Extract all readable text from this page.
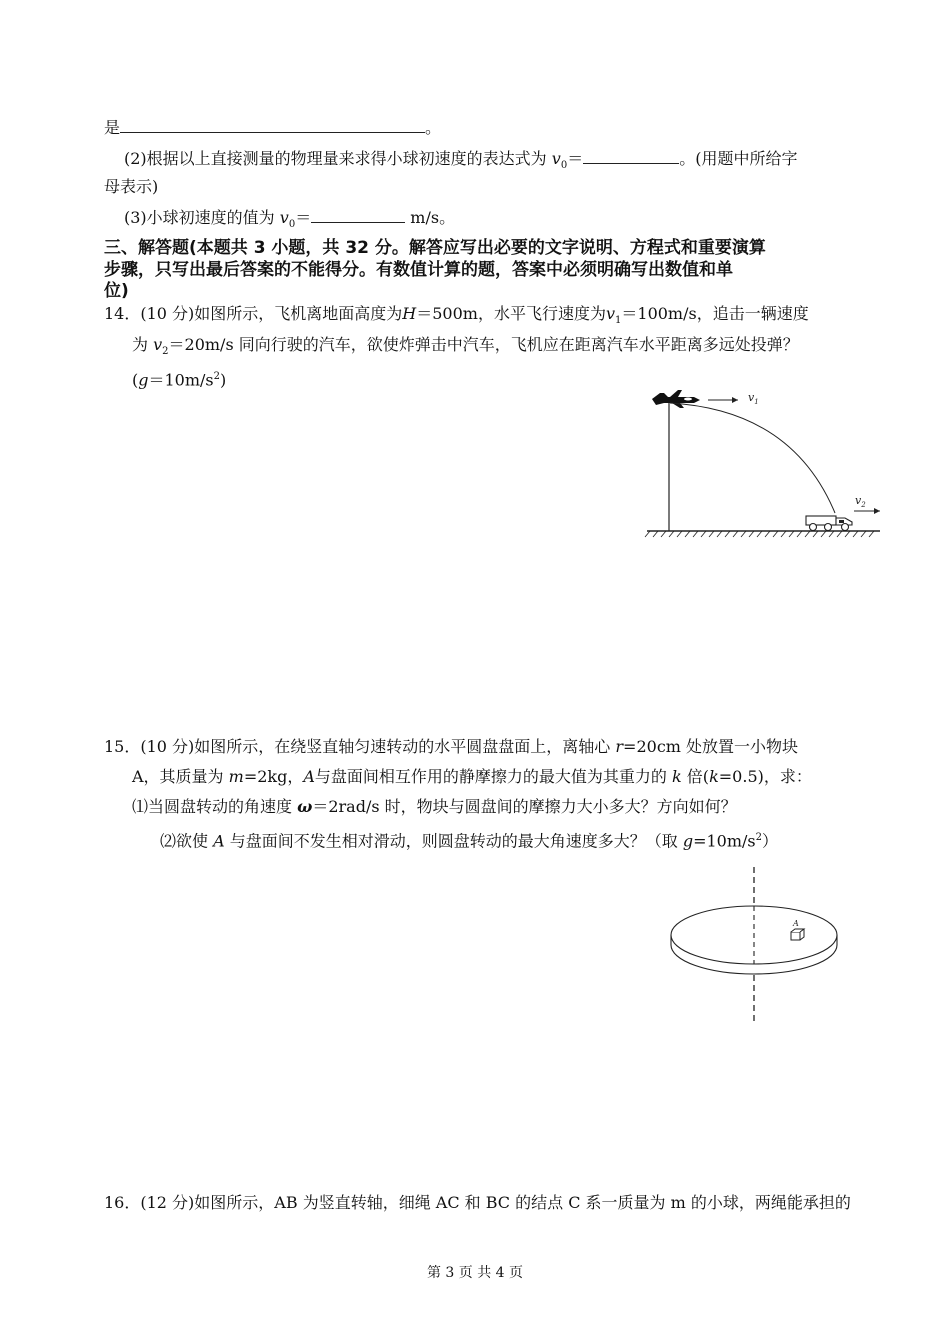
是	。
(2)根据以上直接测量的物理量来求得小球初速度的表达式为 $v_0=$	。(用题中所给字
母表示)
(3)小球初速度的值为 $v_0=$	m/s。
三、解答题(本题共 3 小题，共 32 分。解答应写出必要的文字说明、方程式和重要演算
步骤，只写出最后答案的不能得分。有数值计算的题，答案中必须明确写出数值和单
位)
14．(10 分)如图所示，飞机离地面高度为H＝500m，水平飞行速度为$v_1=100m/s$，追击一辆速度
为 $v_2=20m/s$ 同向行驶的汽车，欲使炸弹击中汽车，飞机应在距离汽车水平距离多远处投弹？
$(g=10m/s^2)$
$v_1$
$v_2$
15．(10 分)如图所示，在绕竖直轴匀速转动的水平圆盘盘面上，离轴心 r=20cm 处放置一小物块
A，其质量为 m=2kg，A与盘面间相互作用的静摩擦力的最大值为其重力的 k 倍(k=0.5)，求：
⑴当圆盘转动的角速度 ω＝2rad/s 时，物块与圆盘间的摩擦力大小多大？方向如何？
⑵欲使 A 与盘面间不发生相对滑动，则圆盘转动的最大角速度多大？（取 $g=10m/s^2$）
A
16．(12 分)如图所示，AB 为竖直转轴，细绳 AC 和 BC 的结点 C 系一质量为 m 的小球，两绳能承担的
第 3 页 共 4 页
